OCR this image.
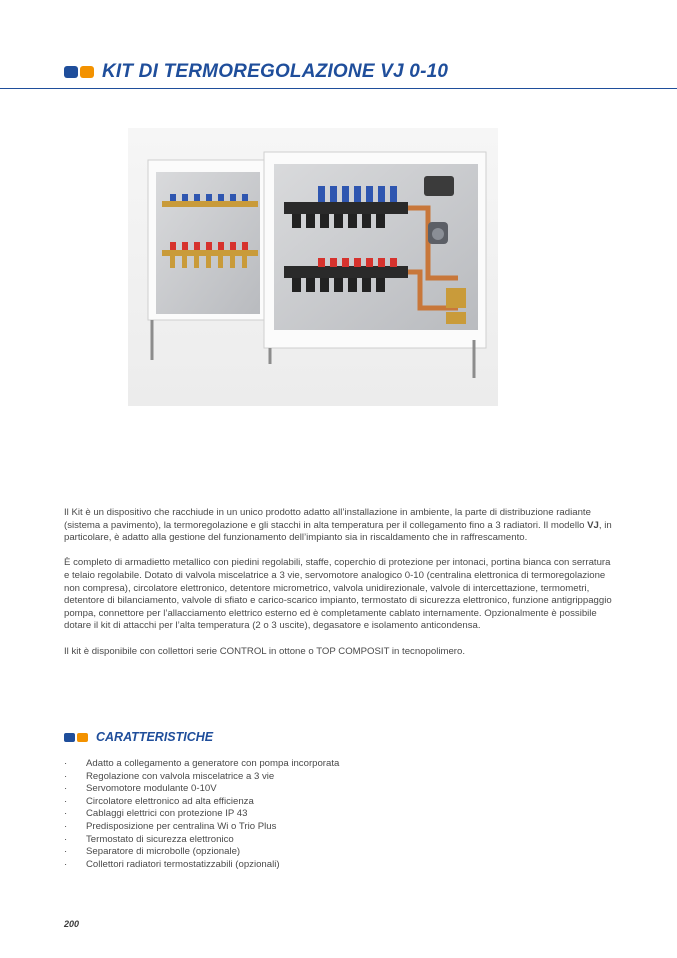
KIT DI TERMOREGOLAZIONE VJ 0-10

Il Kit è un dispositivo che racchiude in un unico prodotto adatto all’installazione in ambiente, la parte di distribuzione radiante (sistema a pavimento), la termoregolazione e gli stacchi in alta temperatura per il collegamento fino a 3 radiatori. Il modello VJ, in particolare, è adatto alla gestione del funzionamento dell’impianto sia in riscaldamento che in raffrescamento.

È completo di armadietto metallico con piedini regolabili, staffe, coperchio di protezione per intonaci, portina bianca con serratura e telaio regolabile. Dotato di valvola miscelatrice a 3 vie, servomotore analogico 0-10 (centralina elettronica di termoregolazione non compresa), circolatore elettronico, detentore micrometrico, valvola unidirezionale, valvole di intercettazione, termometri, detentore di bilanciamento, valvole di sfiato e carico-scarico impianto, termostato di sicurezza elettronico, funzione antigrippaggio pompa, connettore per l’allacciamento elettrico esterno ed è completamente cablato internamente. Opzionalmente è possibile dotare il kit di attacchi per l’alta temperatura (2 o 3 uscite), degasatore e isolamento anticondensa.

Il kit è disponibile con collettori serie CONTROL in ottone o TOP COMPOSIT in tecnopolimero.

CARATTERISTICHE
·	Adatto a collegamento a generatore con pompa incorporata
·	Regolazione con valvola miscelatrice a 3 vie
·	Servomotore modulante 0-10V
·	Circolatore elettronico ad alta efficienza
·	Cablaggi elettrici con protezione IP 43
·	Predisposizione per centralina Wi o Trio Plus
·	Termostato di sicurezza elettronico
·	Separatore di microbolle (opzionale)
·	Collettori radiatori termostatizzabili (opzionali)
200
